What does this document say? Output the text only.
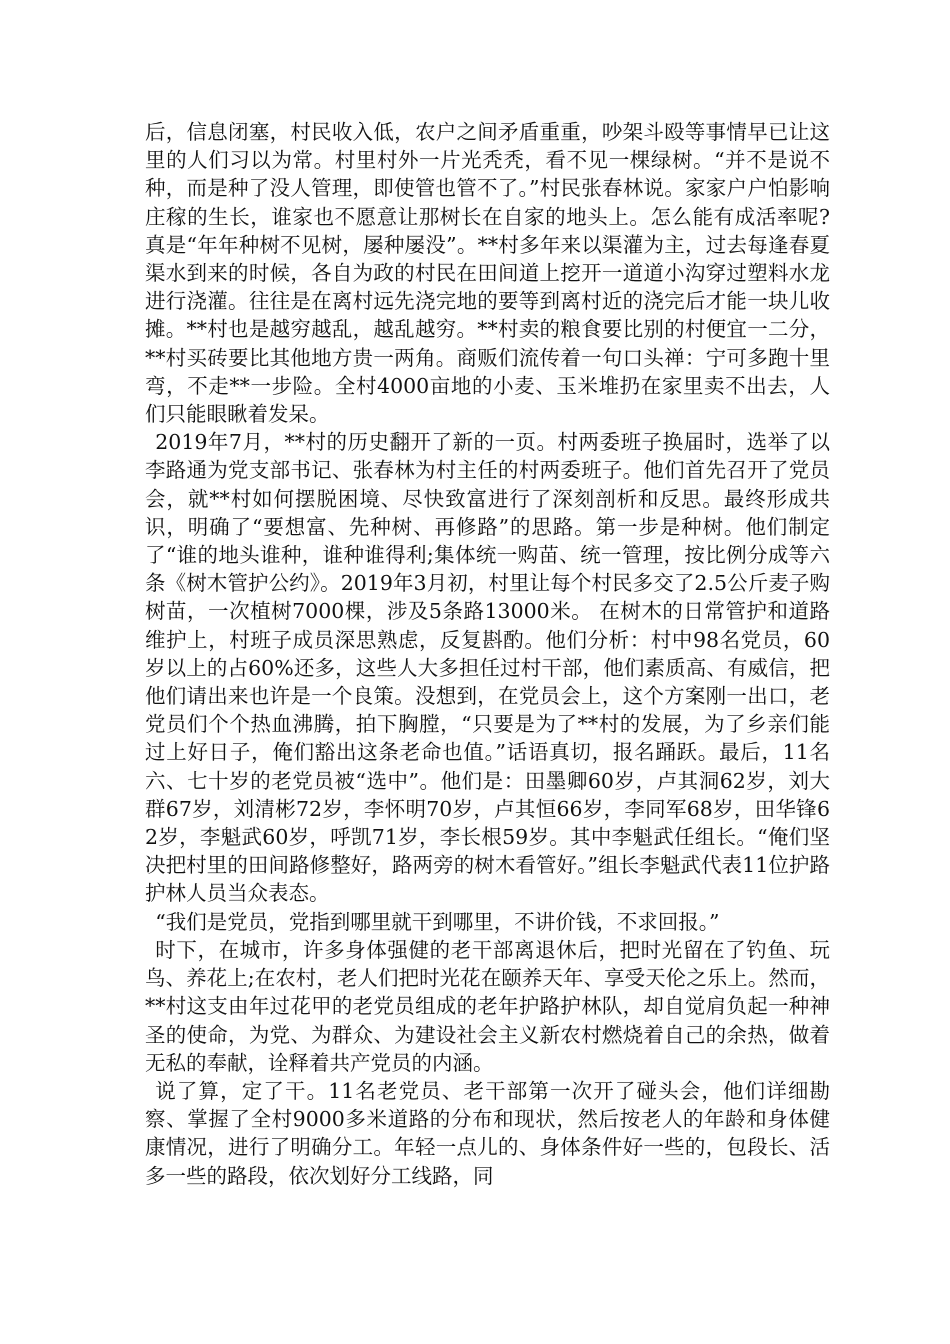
后，信息闭塞，村民收入低，农户之间矛盾重重，吵架斗殴等事情早已让这里的人们习以为常。村里村外一片光秃秃，看不见一棵绿树。“并不是说不种，而是种了没人管理，即使管也管不了。”村民张春林说。家家户户怕影响庄稼的生长，谁家也不愿意让那树长在自家的地头上。怎么能有成活率呢?真是“年年种树不见树，屡种屡没”。**村多年来以渠灌为主，过去每逢春夏渠水到来的时候，各自为政的村民在田间道上挖开一道道小沟穿过塑料水龙进行浇灌。往往是在离村远先浇完地的要等到离村近的浇完后才能一块儿收摊。**村也是越穷越乱，越乱越穷。**村卖的粮食要比别的村便宜一二分，**村买砖要比其他地方贵一两角。商贩们流传着一句口头禅：宁可多跑十里弯，不走**一步险。全村4000亩地的小麦、玉米堆扔在家里卖不出去，人们只能眼瞅着发呆。

2019年7月，**村的历史翻开了新的一页。村两委班子换届时，选举了以李路通为党支部书记、张春林为村主任的村两委班子。他们首先召开了党员会，就**村如何摆脱困境、尽快致富进行了深刻剖析和反思。最终形成共识，明确了“要想富、先种树、再修路”的思路。第一步是种树。他们制定了“谁的地头谁种，谁种谁得利;集体统一购苗、统一管理，按比例分成等六条《树木管护公约》。2019年3月初，村里让每个村民多交了2.5公斤麦子购树苗，一次植树7000棵，涉及5条路13000米。 在树木的日常管护和道路维护上，村班子成员深思熟虑，反复斟酌。他们分析：村中98名党员，60岁以上的占60%还多，这些人大多担任过村干部，他们素质高、有威信，把他们请出来也许是一个良策。没想到，在党员会上，这个方案刚一出口，老党员们个个热血沸腾，拍下胸膛，“只要是为了**村的发展，为了乡亲们能过上好日子，俺们豁出这条老命也值。”话语真切，报名踊跃。最后，11名六、七十岁的老党员被“选中”。他们是：田墨卿60岁，卢其洞62岁，刘大群67岁，刘清彬72岁，李怀明70岁，卢其恒66岁，李同军68岁，田华锋62岁，李魁武60岁，呼凯71岁，李长根59岁。其中李魁武任组长。“俺们坚决把村里的田间路修整好，路两旁的树木看管好。”组长李魁武代表11位护路护林人员当众表态。

“我们是党员，党指到哪里就干到哪里，不讲价钱，不求回报。”

时下，在城市，许多身体强健的老干部离退休后，把时光留在了钓鱼、玩鸟、养花上;在农村，老人们把时光花在颐养天年、享受天伦之乐上。然而，**村这支由年过花甲的老党员组成的老年护路护林队，却自觉肩负起一种神圣的使命，为党、为群众、为建设社会主义新农村燃烧着自己的余热，做着无私的奉献，诠释着共产党员的内涵。

说了算，定了干。11名老党员、老干部第一次开了碰头会，他们详细勘察、掌握了全村9000多米道路的分布和现状，然后按老人的年龄和身体健康情况，进行了明确分工。年轻一点儿的、身体条件好一些的，包段长、活多一些的路段，依次划好分工线路，同
